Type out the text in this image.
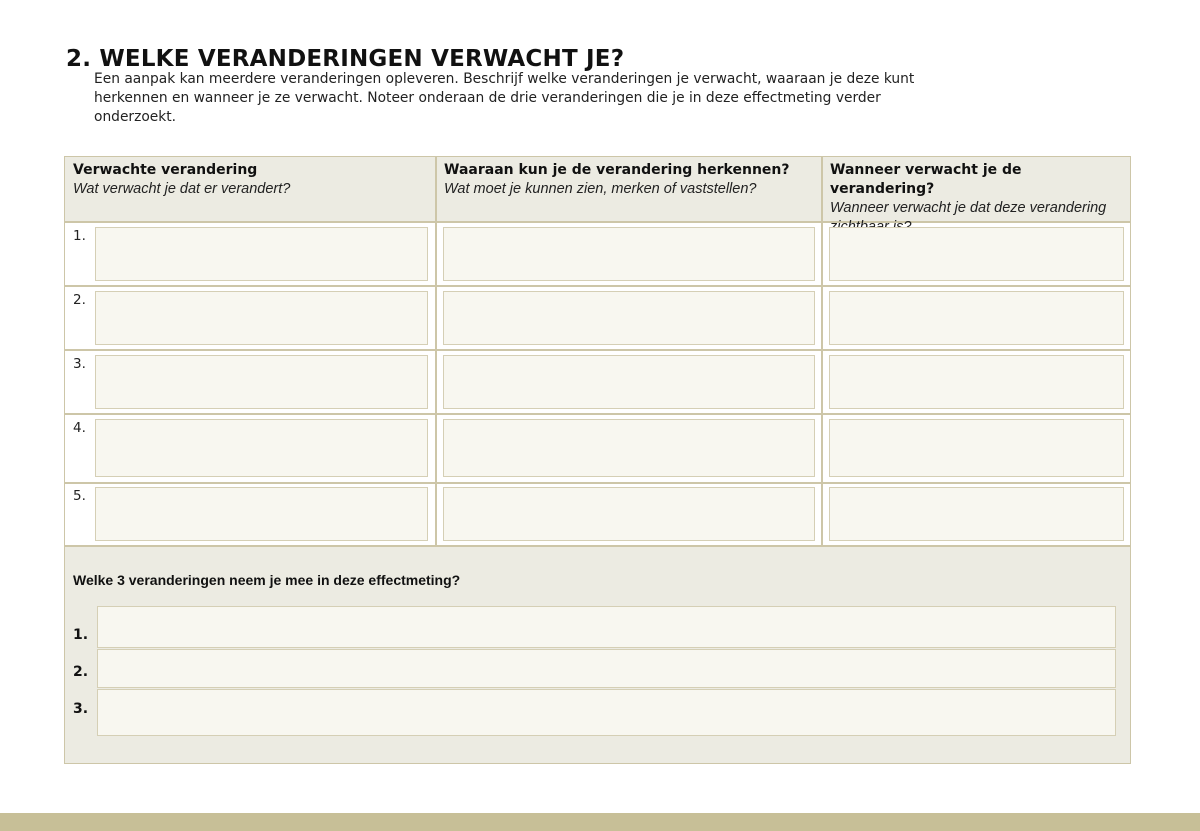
2. WELKE VERANDERINGEN VERWACHT JE?

Een aanpak kan meerdere veranderingen opleveren. Beschrijf welke veranderingen je verwacht, waaraan je deze kunt herkennen en wanneer je ze verwacht. Noteer onderaan de drie veranderingen die je in deze effectmeting verder onderzoekt.

Verwachte verandering
Wat verwacht je dat er verandert?
Waaraan kun je de verandering herkennen?
Wat moet je kunnen zien, merken of vaststellen?
Wanneer verwacht je de verandering?
Wanneer verwacht je dat deze verandering
1.
2.
3.
4.
5.

Welke 3 veranderingen neem je mee in deze effectmeting?

1.
2.
3.
